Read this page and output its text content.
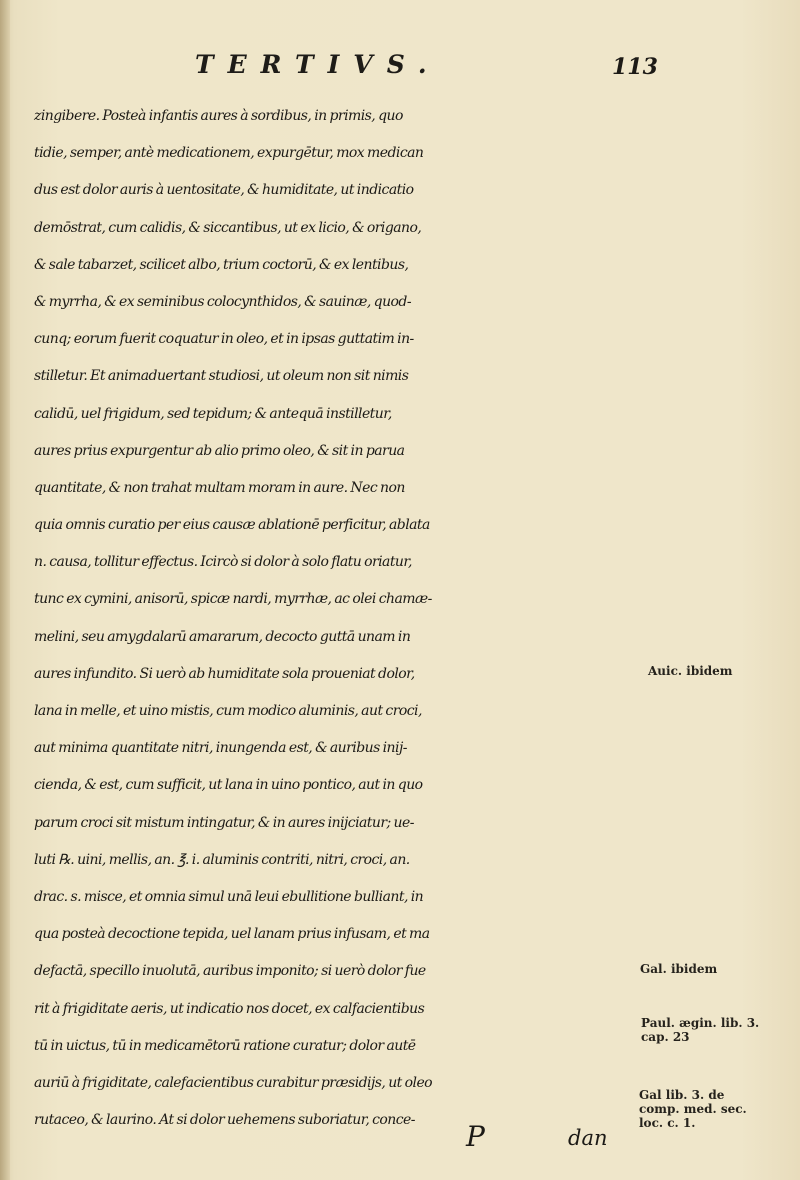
TERTIVS.	113
zingibere. Posteà infantis aures à sordibus, in primis, quo
tidie, semper, antè medicationem, expurgētur, mox medican
dus est dolor auris à uentositate, & humiditate, ut indicatio
demōstrat, cum calidis, & siccantibus, ut ex licio, & origano,
& sale tabarzet, scilicet albo, trium coctorū, & ex lentibus,
& myrrha, & ex seminibus colocynthidos, & sauinæ, quod-
cunq; eorum fuerit coquatur in oleo, et in ipsas guttatim in-
stilletur. Et animaduertant studiosi, ut oleum non sit nimis
calidū, uel frigidum, sed tepidum; & antequā instilletur,
aures prius expurgentur ab alio primo oleo, & sit in parua
quantitate, & non trahat multam moram in aure. Nec non
quia omnis curatio per eius causæ ablationē perficitur, ablata
n. causa, tollitur effectus. Icircò si dolor à solo flatu oriatur,
tunc ex cymini, anisorū, spicæ nardi, myrrhæ, ac olei chamæ-
melini, seu amygdalarū amararum, decocto guttā unam in
aures infundito. Si uerò ab humiditate sola proueniat dolor,
lana in melle, et uino mistis, cum modico aluminis, aut croci,
aut minima quantitate nitri, inungenda est, & auribus inij-
cienda, & est, cum sufficit, ut lana in uino pontico, aut in quo
parum croci sit mistum intingatur, & in aures inijciatur; ue-
luti ℞. uini, mellis, an. ℥. i. aluminis contriti, nitri, croci, an.
drac. s. misce, et omnia simul unā leui ebullitione bulliant, in
qua posteà decoctione tepida, uel lanam prius infusam, et ma
defactā, specillo inuolutā, auribus imponito; si uerò dolor fue
rit à frigiditate aeris, ut indicatio nos docet, ex calfacientibus
tū in uictus, tū in medicamētorū ratione curatur; dolor autē
auriū à frigiditate, calefacientibus curabitur præsidijs, ut oleo
rutaceo, & laurino. At si dolor uehemens suboriatur, conce-
Auic. ibidem
Gal. ibidem
Paul. ægin. lib. 3. cap. 23
Gal lib. 3. de comp. med. sec. loc. c. 1.
P	dan
